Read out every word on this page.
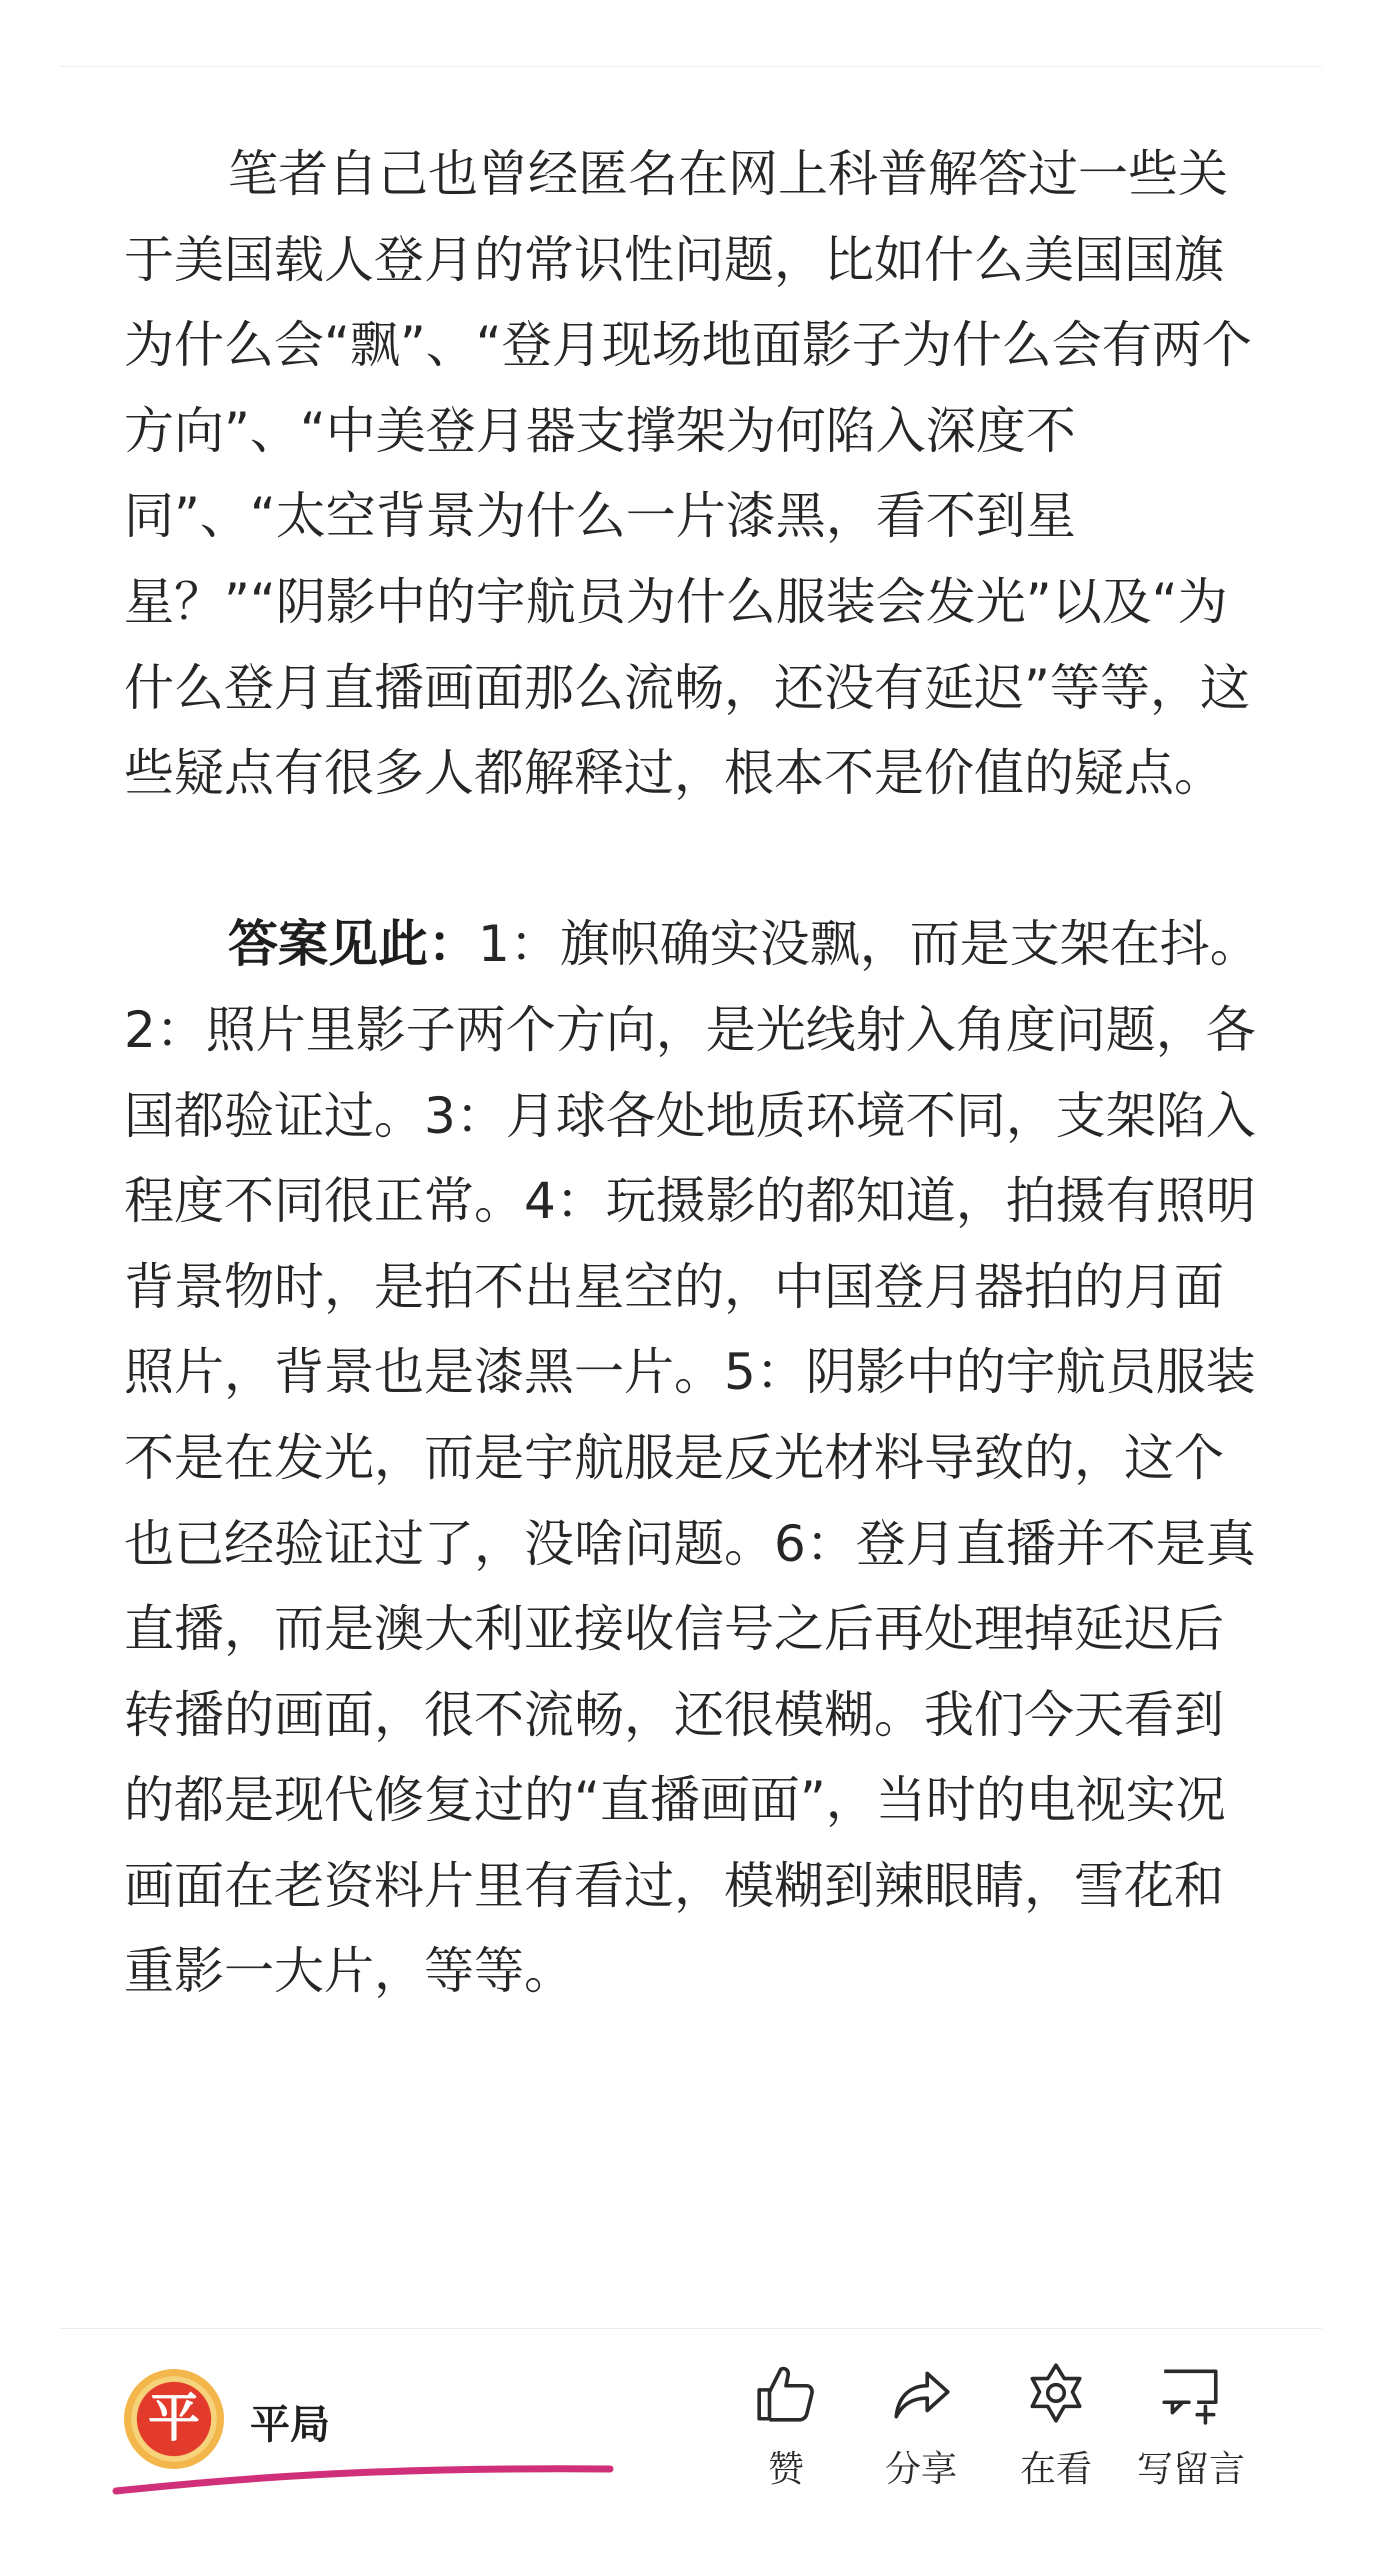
笔者自己也曾经匿名在网上科普解答过一些关于美国载人登月的常识性问题，比如什么美国国旗为什么会“飘”、“登月现场地面影子为什么会有两个方向”、“中美登月器支撑架为何陷入深度不同”、“太空背景为什么一片漆黑，看不到星星？”“阴影中的宇航员为什么服装会发光”以及“为什么登月直播画面那么流畅，还没有延迟”等等，这些疑点有很多人都解释过，根本不是价值的疑点。

答案见此：1：旗帜确实没飘，而是支架在抖。2：照片里影子两个方向，是光线射入角度问题，各国都验证过。3：月球各处地质环境不同，支架陷入程度不同很正常。4：玩摄影的都知道，拍摄有照明背景物时，是拍不出星空的，中国登月器拍的月面照片，背景也是漆黑一片。5：阴影中的宇航员服装不是在发光，而是宇航服是反光材料导致的，这个也已经验证过了，没啥问题。6：登月直播并不是真直播，而是澳大利亚接收信号之后再处理掉延迟后转播的画面，很不流畅，还很模糊。我们今天看到的都是现代修复过的“直播画面”，当时的电视实况画面在老资料片里有看过，模糊到辣眼睛，雪花和重影一大片，等等。

平 平局
赞 分享 在看 写留言
